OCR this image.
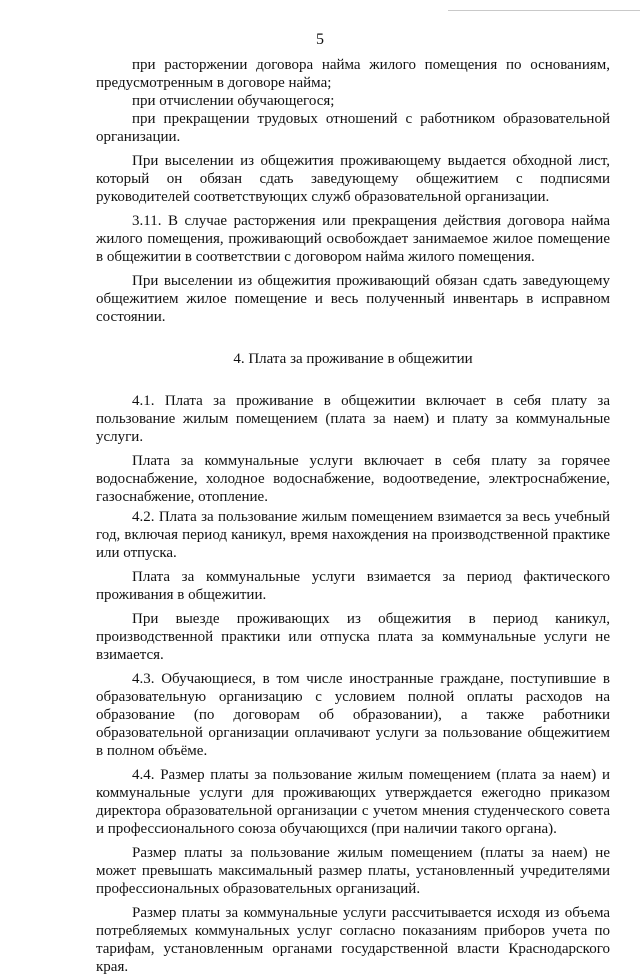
5

при расторжении договора найма жилого помещения по основаниям, предусмотренным в договоре найма;

при отчислении обучающегося;

при прекращении трудовых отношений с работником образовательной организации.

При выселении из общежития проживающему выдается обходной лист, который он обязан сдать заведующему общежитием с подписями руководителей соответствующих служб образовательной организации.

3.11. В случае расторжения или прекращения действия договора найма жилого помещения, проживающий освобождает занимаемое жилое помещение в общежитии в соответствии с договором найма жилого помещения.

При выселении из общежития проживающий обязан сдать заведующему общежитием жилое помещение и весь полученный инвентарь в исправном состоянии.

4. Плата за проживание в общежитии

4.1. Плата за проживание в общежитии включает в себя плату за пользование жилым помещением (плата за наем) и плату за коммунальные услуги.

Плата за коммунальные услуги включает в себя плату за горячее водоснабжение, холодное водоснабжение, водоотведение, электроснабжение, газоснабжение, отопление.

4.2. Плата за пользование жилым помещением взимается за весь учебный год, включая период каникул, время нахождения на производственной практике или отпуска.

Плата за коммунальные услуги взимается за период фактического проживания в общежитии.

При выезде проживающих из общежития в период каникул, производственной практики или отпуска плата за коммунальные услуги не взимается.

4.3. Обучающиеся, в том числе иностранные граждане, поступившие в образовательную организацию с условием полной оплаты расходов на образование (по договорам об образовании), а также работники образовательной организации оплачивают услуги за пользование общежитием в полном объёме.

4.4. Размер платы за пользование жилым помещением (плата за наем) и коммунальные услуги для проживающих утверждается ежегодно приказом директора образовательной организации с учетом мнения студенческого совета и профессионального союза обучающихся (при наличии такого органа).

Размер платы за пользование жилым помещением (платы за наем) не может превышать максимальный размер платы, установленный учредителями профессиональных образовательных организаций.

Размер платы за коммунальные услуги рассчитывается исходя из объема потребляемых коммунальных услуг согласно показаниям приборов учета по тарифам, установленным органами государственной власти Краснодарского края.
